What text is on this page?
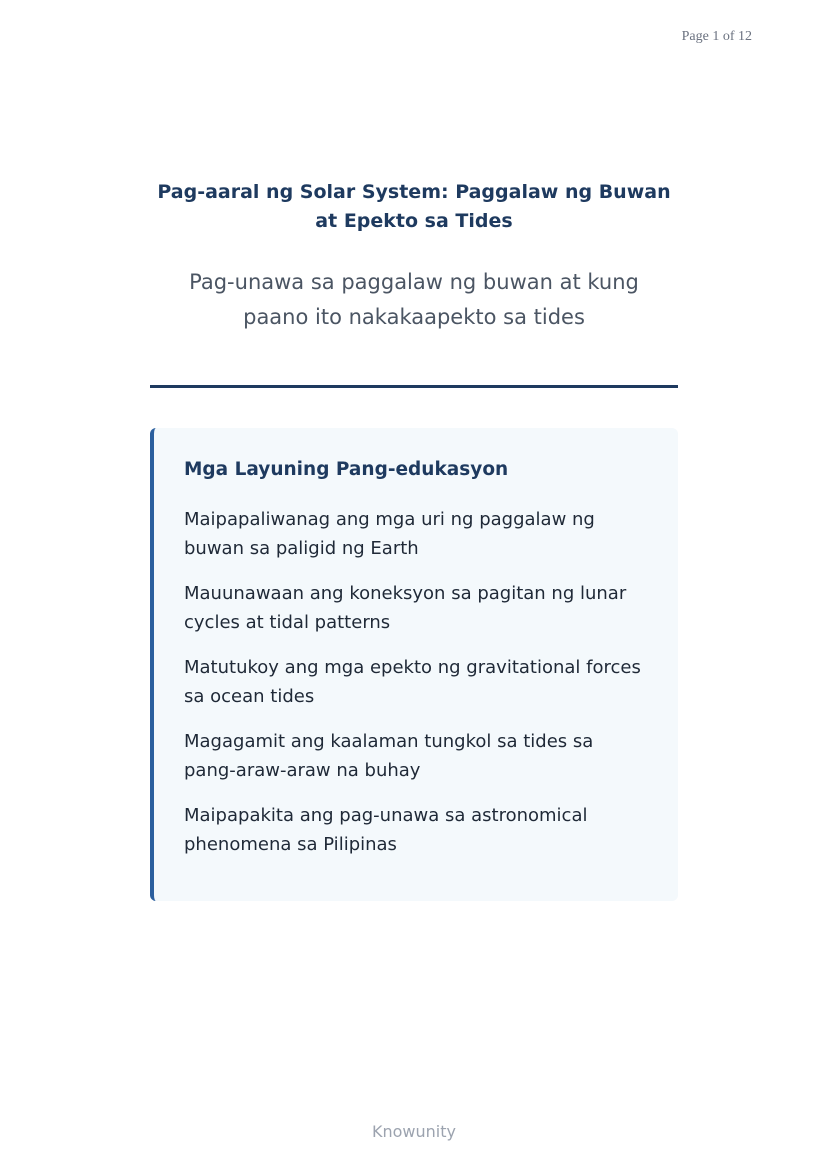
Page 1 of 12
Pag-aaral ng Solar System: Paggalaw ng Buwan at Epekto sa Tides
Pag-unawa sa paggalaw ng buwan at kung paano ito nakakaapekto sa tides
Mga Layuning Pang-edukasyon
Maipapaliwanag ang mga uri ng paggalaw ng buwan sa paligid ng Earth
Mauunawaan ang koneksyon sa pagitan ng lunar cycles at tidal patterns
Matutukoy ang mga epekto ng gravitational forces sa ocean tides
Magagamit ang kaalaman tungkol sa tides sa pang-araw-araw na buhay
Maipapakita ang pag-unawa sa astronomical phenomena sa Pilipinas
Knowunity
